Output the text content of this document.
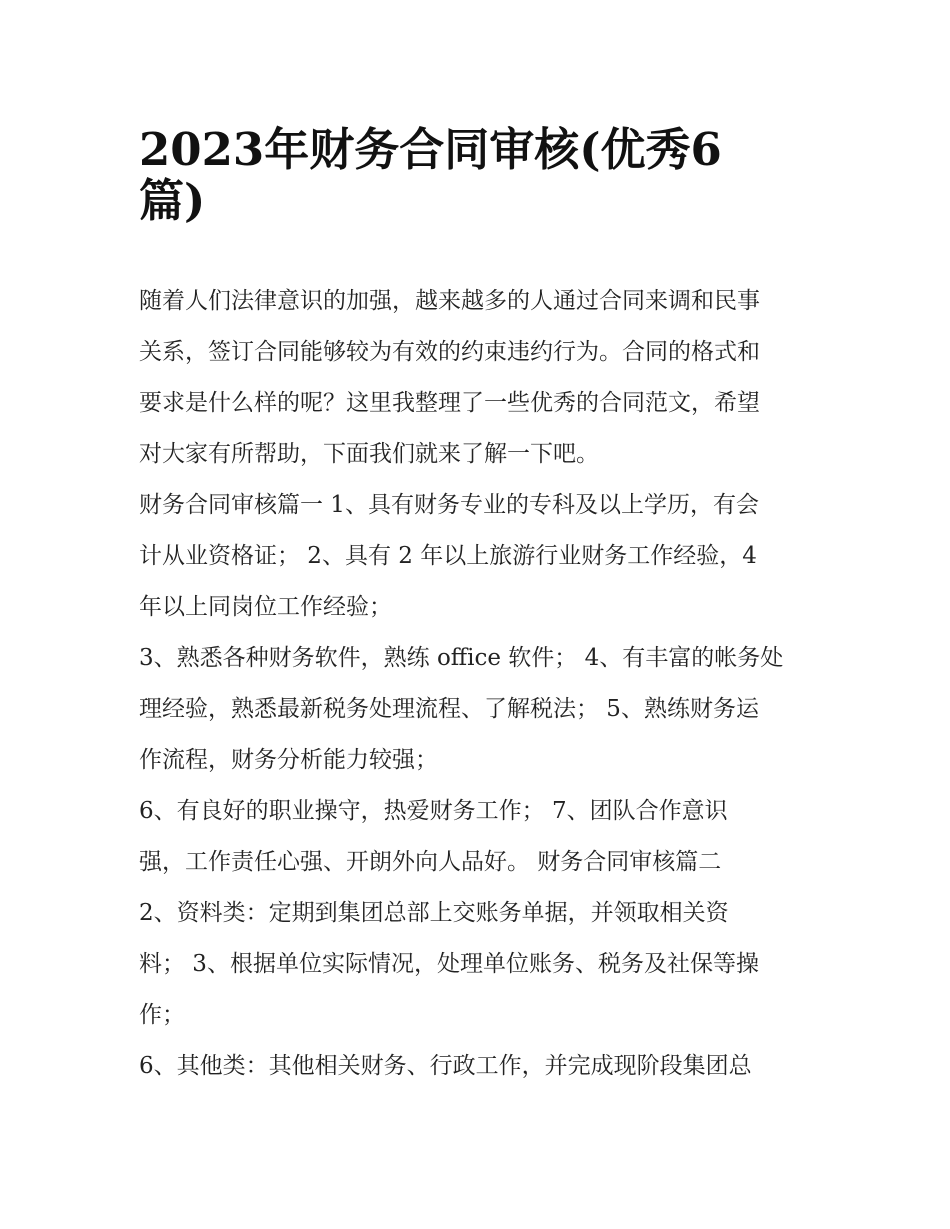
2023年财务合同审核(优秀6
篇)
随着人们法律意识的加强，越来越多的人通过合同来调和民事
关系，签订合同能够较为有效的约束违约行为。合同的格式和
要求是什么样的呢？这里我整理了一些优秀的合同范文，希望
对大家有所帮助，下面我们就来了解一下吧。
财务合同审核篇一 1、具有财务专业的专科及以上学历，有会
计从业资格证； 2、具有 2 年以上旅游行业财务工作经验，4
年以上同岗位工作经验；
3、熟悉各种财务软件，熟练 office 软件； 4、有丰富的帐务处
理经验，熟悉最新税务处理流程、了解税法； 5、熟练财务运
作流程，财务分析能力较强；
6、有良好的职业操守，热爱财务工作； 7、团队合作意识
强，工作责任心强、开朗外向人品好。 财务合同审核篇二
2、资料类：定期到集团总部上交账务单据，并领取相关资
料； 3、根据单位实际情况，处理单位账务、税务及社保等操
作；
6、其他类：其他相关财务、行政工作，并完成现阶段集团总
